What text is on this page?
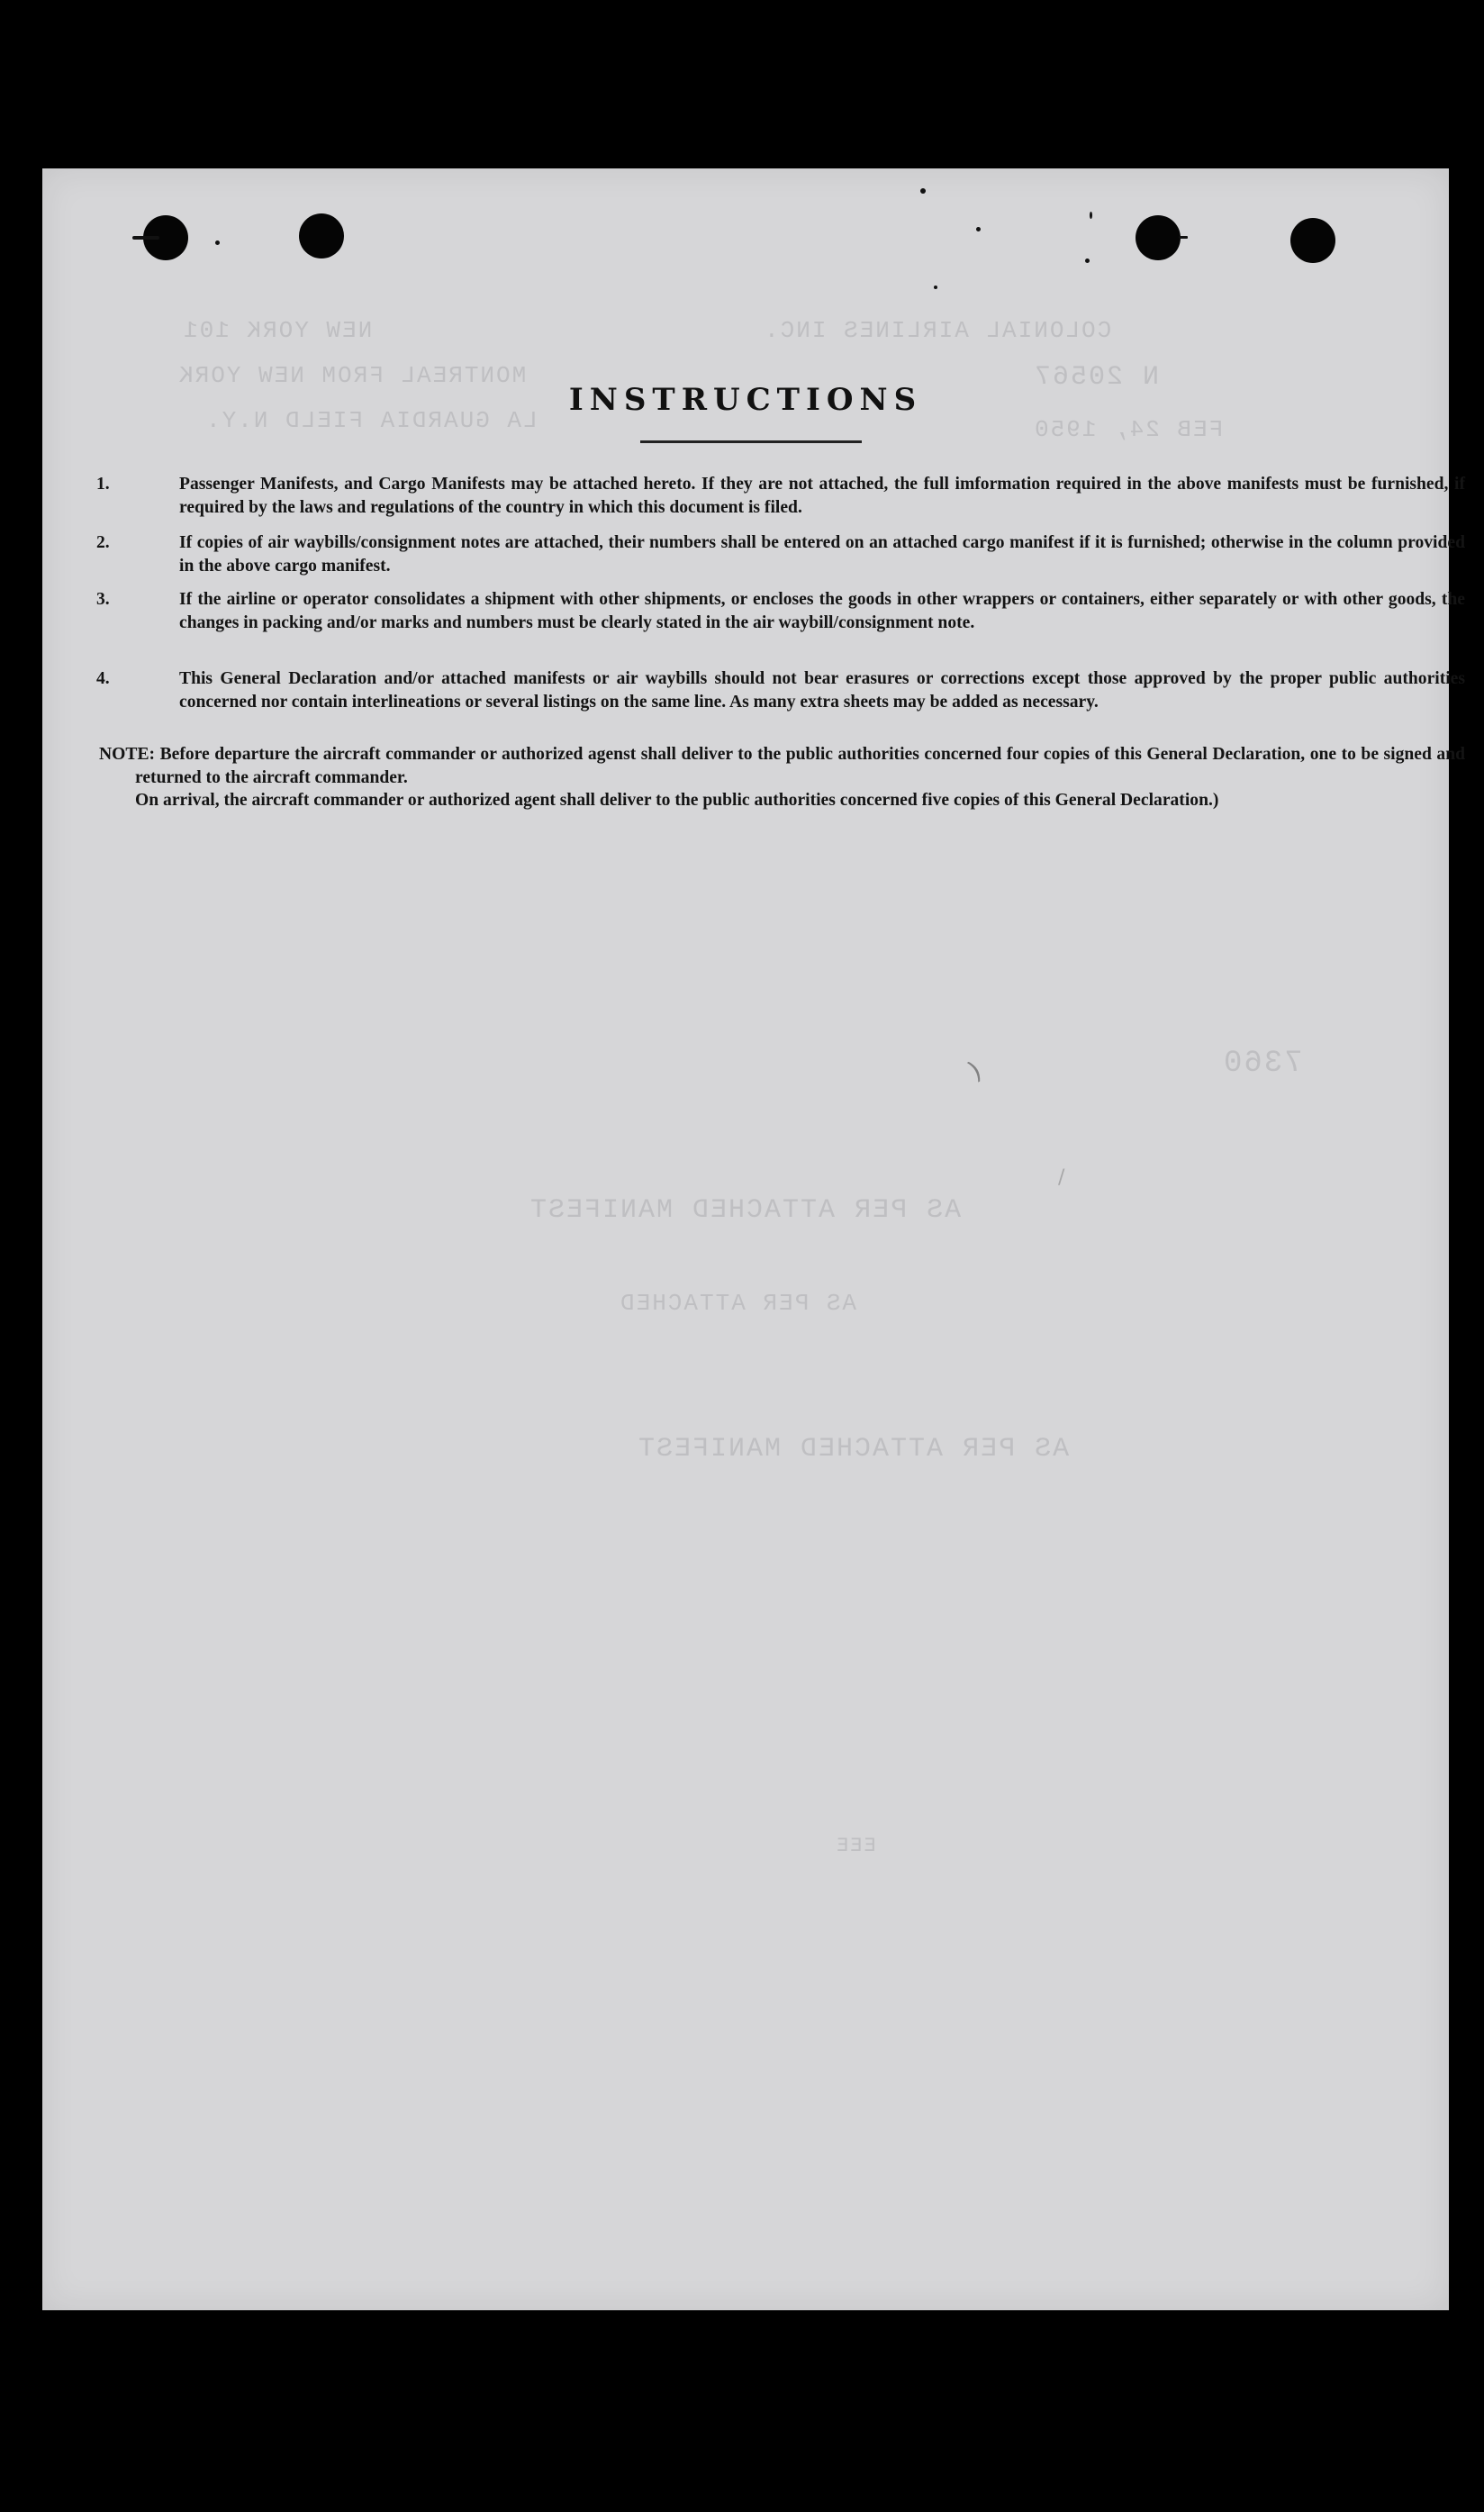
COLONIAL AIRLINES INC.
NEW YORK 101
MONTREAL FROM NEW YORK
LA GUARDIA FIELD N.Y.
N 20567
FEB 24, 1950
AS PER ATTACHED MANIFEST
AS PER ATTACHED
AS PER ATTACHED MANIFEST
7360
EEE
INSTRUCTIONS
1.	Passenger Manifests, and Cargo Manifests may be attached hereto. If they are not attached, the full imformation required in the above manifests must be furnished, if required by the laws and regulations of the country in which this document is filed.
2.	If copies of air waybills/consignment notes are attached, their numbers shall be entered on an attached cargo manifest if it is furnished; otherwise in the column provided in the above cargo manifest.
3.	If the airline or operator consolidates a shipment with other shipments, or encloses the goods in other wrappers or containers, either separately or with other goods, the changes in packing and/or marks and numbers must be clearly stated in the air waybill/consignment note.
4.	This General Declaration and/or attached manifests or air waybills should not bear erasures or corrections except those approved by the proper public authorities concerned nor contain interlineations or several listings on the same line. As many extra sheets may be added as necessary.
NOTE: Before departure the aircraft commander or authorized agenst shall deliver to the public authorities concerned four copies of this General Declaration, one to be signed and returned to the aircraft commander.
On arrival, the aircraft commander or authorized agent shall deliver to the public authorities concerned five copies of this General Declaration.)
)
/
